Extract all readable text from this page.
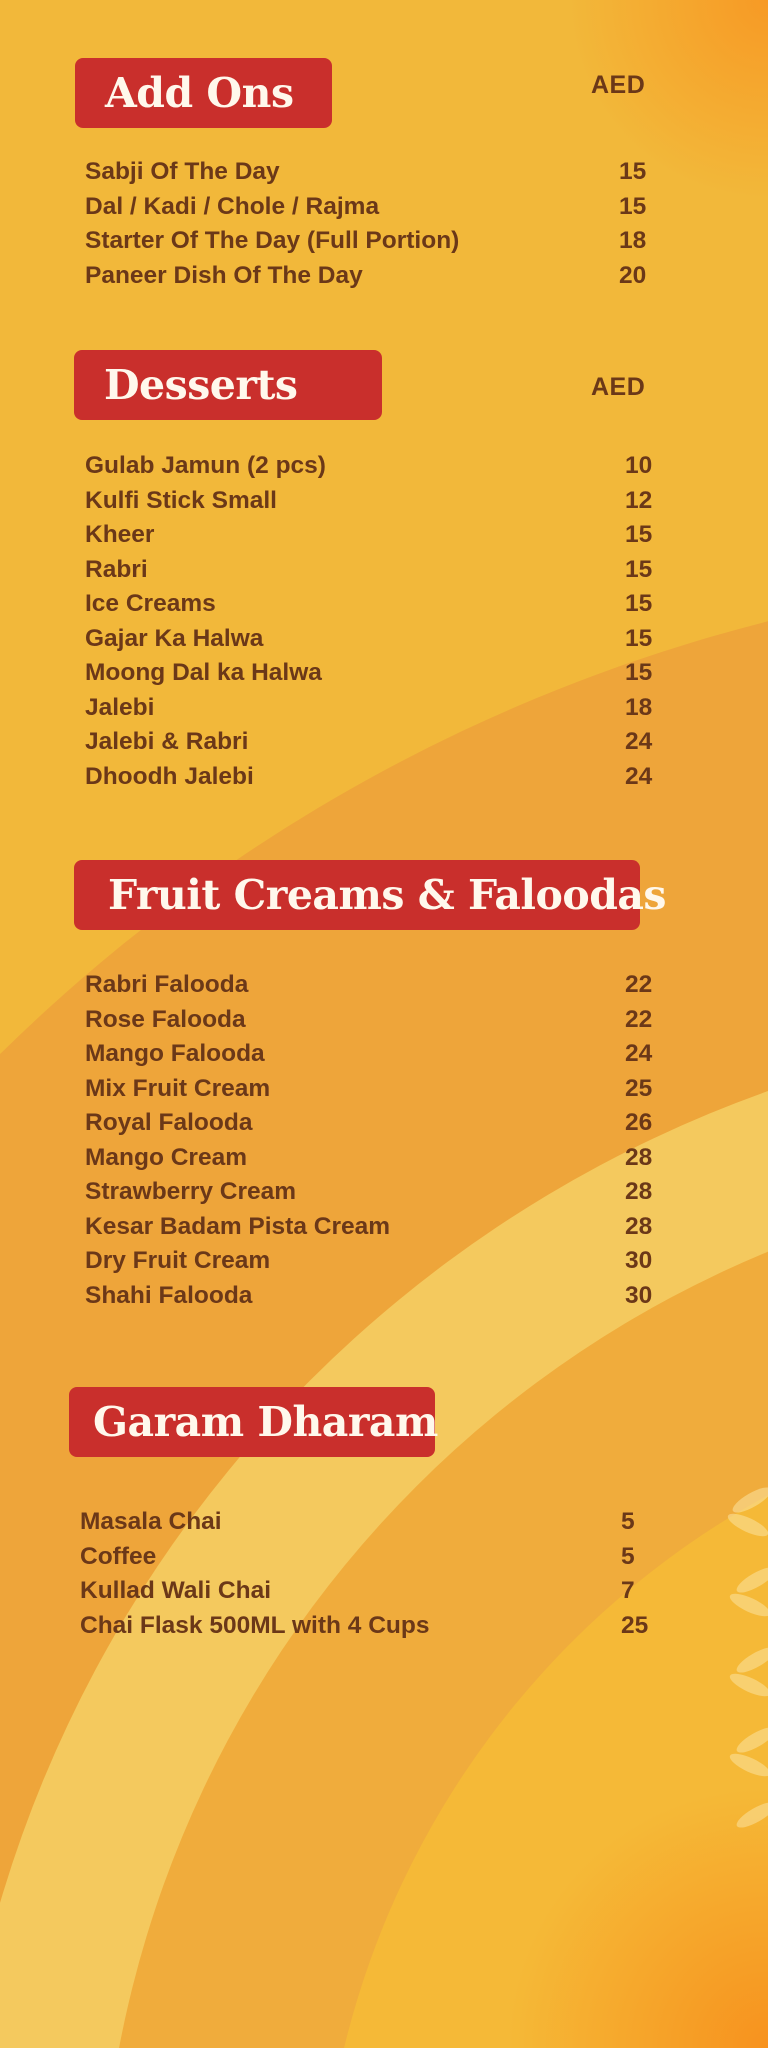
Add Ons	AED
Sabji Of The Day	15
Dal / Kadi / Chole / Rajma	15
Starter Of The Day (Full Portion)	18
Paneer Dish Of The Day	20
Desserts	AED
Gulab Jamun (2 pcs)	10
Kulfi Stick Small	12
Kheer	15
Rabri	15
Ice Creams	15
Gajar Ka Halwa	15
Moong Dal ka Halwa	15
Jalebi	18
Jalebi & Rabri	24
Dhoodh Jalebi	24
Fruit Creams & Faloodas
Rabri Falooda	22
Rose Falooda	22
Mango Falooda	24
Mix Fruit Cream	25
Royal Falooda	26
Mango Cream	28
Strawberry Cream	28
Kesar Badam Pista Cream	28
Dry Fruit Cream	30
Shahi Falooda	30
Garam Dharam
Masala Chai	5
Coffee	5
Kullad Wali Chai	7
Chai Flask 500ML with 4 Cups	25
